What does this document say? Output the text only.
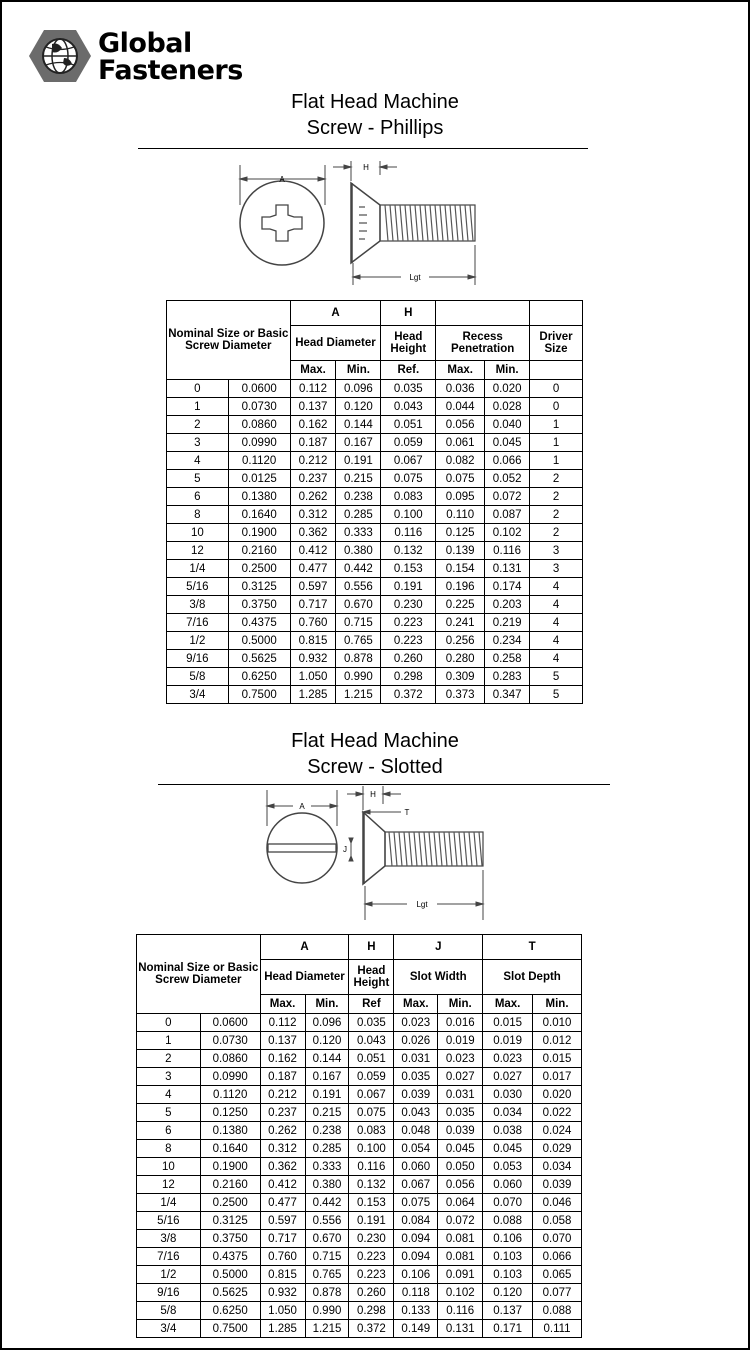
Global
Fasteners
Flat Head Machine
Screw - Phillips
A
H
Lgt
Nominal Size or Basic Screw Diameter		A		H			
		Head Diameter		Head Height	Recess Penetration		Driver Size
		Max.	Min.	Ref.	Max.	Min.	
0	0.0600	0.112	0.096	0.035	0.036	0.020	0
1	0.0730	0.137	0.120	0.043	0.044	0.028	0
2	0.0860	0.162	0.144	0.051	0.056	0.040	1
3	0.0990	0.187	0.167	0.059	0.061	0.045	1
4	0.1120	0.212	0.191	0.067	0.082	0.066	1
5	0.0125	0.237	0.215	0.075	0.075	0.052	2
6	0.1380	0.262	0.238	0.083	0.095	0.072	2
8	0.1640	0.312	0.285	0.100	0.110	0.087	2
10	0.1900	0.362	0.333	0.116	0.125	0.102	2
12	0.2160	0.412	0.380	0.132	0.139	0.116	3
1/4	0.2500	0.477	0.442	0.153	0.154	0.131	3
5/16	0.3125	0.597	0.556	0.191	0.196	0.174	4
3/8	0.3750	0.717	0.670	0.230	0.225	0.203	4
7/16	0.4375	0.760	0.715	0.223	0.241	0.219	4
1/2	0.5000	0.815	0.765	0.223	0.256	0.234	4
9/16	0.5625	0.932	0.878	0.260	0.280	0.258	4
5/8	0.6250	1.050	0.990	0.298	0.309	0.283	5
3/4	0.7500	1.285	1.215	0.372	0.373	0.347	5
Flat Head Machine
Screw - Slotted
A
H
T
J
Lgt
Nominal Size or Basic Screw Diameter		A		H	J		T	
		Head Diameter		Head Height	Slot Width		Slot Depth	
		Max.	Min.	Ref	Max.	Min.	Max.	Min.
0	0.0600	0.112	0.096	0.035	0.023	0.016	0.015	0.010
1	0.0730	0.137	0.120	0.043	0.026	0.019	0.019	0.012
2	0.0860	0.162	0.144	0.051	0.031	0.023	0.023	0.015
3	0.0990	0.187	0.167	0.059	0.035	0.027	0.027	0.017
4	0.1120	0.212	0.191	0.067	0.039	0.031	0.030	0.020
5	0.1250	0.237	0.215	0.075	0.043	0.035	0.034	0.022
6	0.1380	0.262	0.238	0.083	0.048	0.039	0.038	0.024
8	0.1640	0.312	0.285	0.100	0.054	0.045	0.045	0.029
10	0.1900	0.362	0.333	0.116	0.060	0.050	0.053	0.034
12	0.2160	0.412	0.380	0.132	0.067	0.056	0.060	0.039
1/4	0.2500	0.477	0.442	0.153	0.075	0.064	0.070	0.046
5/16	0.3125	0.597	0.556	0.191	0.084	0.072	0.088	0.058
3/8	0.3750	0.717	0.670	0.230	0.094	0.081	0.106	0.070
7/16	0.4375	0.760	0.715	0.223	0.094	0.081	0.103	0.066
1/2	0.5000	0.815	0.765	0.223	0.106	0.091	0.103	0.065
9/16	0.5625	0.932	0.878	0.260	0.118	0.102	0.120	0.077
5/8	0.6250	1.050	0.990	0.298	0.133	0.116	0.137	0.088
3/4	0.7500	1.285	1.215	0.372	0.149	0.131	0.171	0.111
